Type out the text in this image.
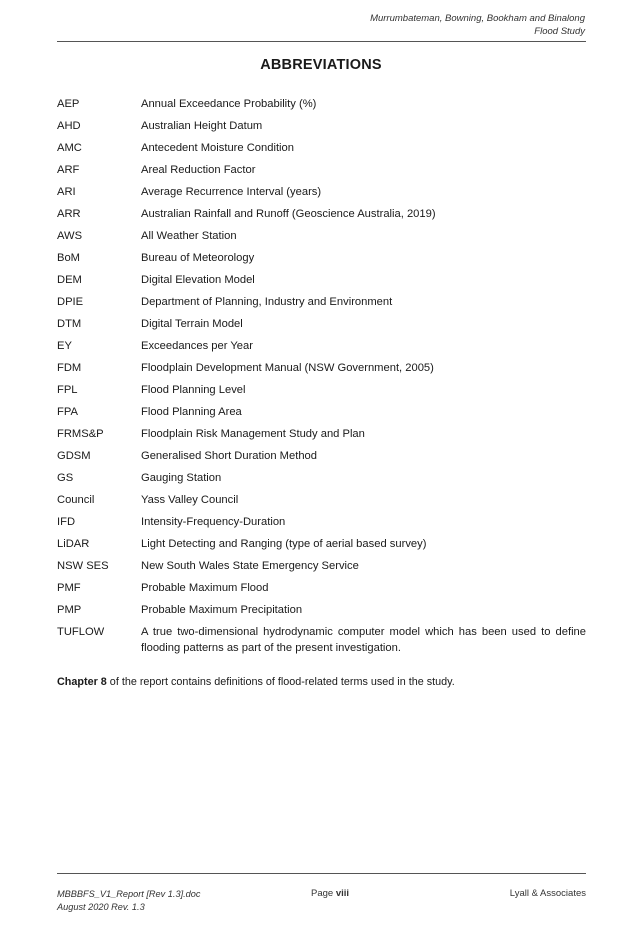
Murrumbateman, Bowning, Bookham and Binalong
Flood Study
ABBREVIATIONS
AEP	Annual Exceedance Probability (%)
AHD	Australian Height Datum
AMC	Antecedent Moisture Condition
ARF	Areal Reduction Factor
ARI	Average Recurrence Interval (years)
ARR	Australian Rainfall and Runoff (Geoscience Australia, 2019)
AWS	All Weather Station
BoM	Bureau of Meteorology
DEM	Digital Elevation Model
DPIE	Department of Planning, Industry and Environment
DTM	Digital Terrain Model
EY	Exceedances per Year
FDM	Floodplain Development Manual (NSW Government, 2005)
FPL	Flood Planning Level
FPA	Flood Planning Area
FRMS&P	Floodplain Risk Management Study and Plan
GDSM	Generalised Short Duration Method
GS	Gauging Station
Council	Yass Valley Council
IFD	Intensity-Frequency-Duration
LiDAR	Light Detecting and Ranging (type of aerial based survey)
NSW SES	New South Wales State Emergency Service
PMF	Probable Maximum Flood
PMP	Probable Maximum Precipitation
TUFLOW	A true two-dimensional hydrodynamic computer model which has been used to define flooding patterns as part of the present investigation.
Chapter 8 of the report contains definitions of flood-related terms used in the study.
MBBBFS_V1_Report [Rev 1.3].doc
August 2020 Rev. 1.3
Page viii	Lyall & Associates
